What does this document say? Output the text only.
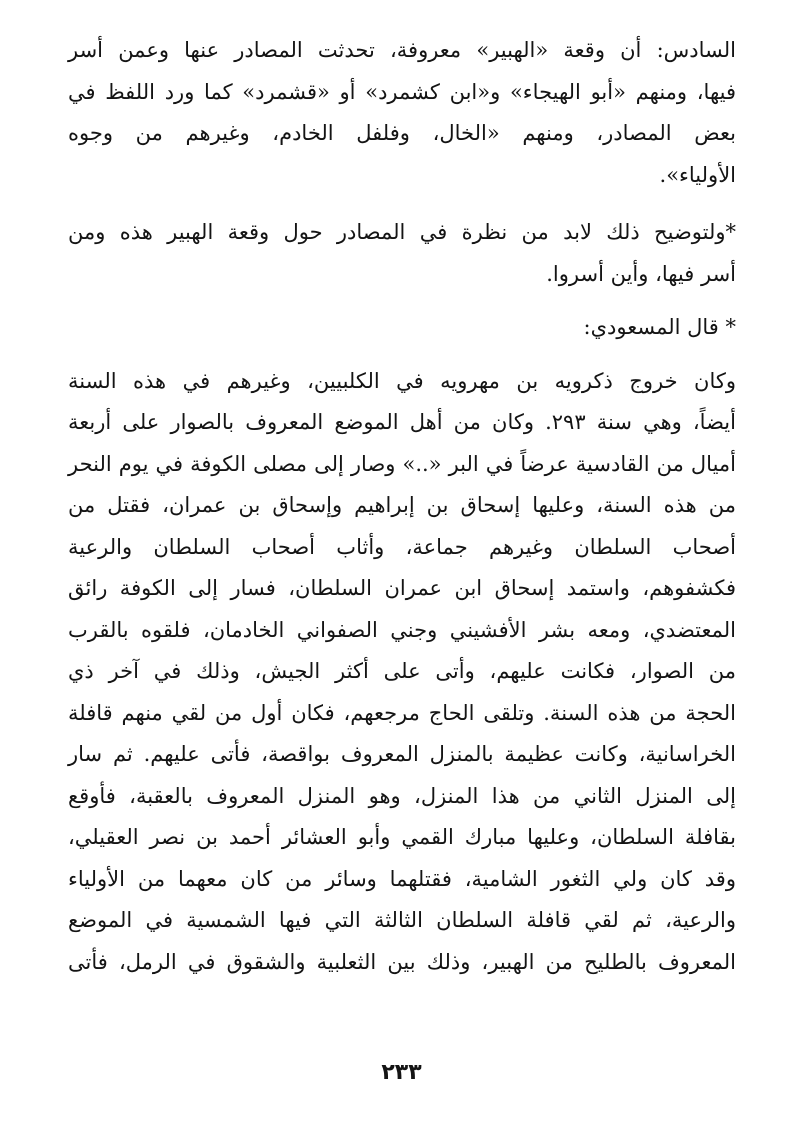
السادس: أن وقعة «الهبير» معروفة، تحدثت المصادر عنها وعمن أسر
فيها، ومنهم «أبو الهيجاء» و«ابن كشمرد» أو «قشمرد» كما ورد اللفظ في
بعض المصادر، ومنهم «الخال، وفلفل الخادم، وغيرهم من وجوه
الأولياء».
*ولتوضيح ذلك لابد من نظرة في المصادر حول وقعة الهبير هذه ومن
أسر فيها، وأين أسروا.
* قال المسعودي:
وكان خروج ذكرويه بن مهرويه في الكلبيين، وغيرهم في هذه السنة
أيضاً، وهي سنة ٢٩٣. وكان من أهل الموضع المعروف بالصوار على أربعة
أميال من القادسية عرضاً في البر «..» وصار إلى مصلى الكوفة في يوم النحر
من هذه السنة، وعليها إسحاق بن إبراهيم وإسحاق بن عمران، فقتل من
أصحاب السلطان وغيرهم جماعة، وأثاب أصحاب السلطان والرعية
فكشفوهم، واستمد إسحاق ابن عمران السلطان، فسار إلى الكوفة رائق
المعتضدي، ومعه بشر الأفشيني وجني الصفواني الخادمان، فلقوه بالقرب
من الصوار، فكانت عليهم، وأتى على أكثر الجيش، وذلك في آخر ذي
الحجة من هذه السنة. وتلقى الحاج مرجعهم، فكان أول من لقي منهم قافلة
الخراسانية، وكانت عظيمة بالمنزل المعروف بواقصة، فأتى عليهم. ثم سار
إلى المنزل الثاني من هذا المنزل، وهو المنزل المعروف بالعقبة، فأوقع
بقافلة السلطان، وعليها مبارك القمي وأبو العشائر أحمد بن نصر العقيلي،
وقد كان ولي الثغور الشامية، فقتلهما وسائر من كان معهما من الأولياء
والرعية، ثم لقي قافلة السلطان الثالثة التي فيها الشمسية في الموضع
المعروف بالطليح من الهبير، وذلك بين الثعلبية والشقوق في الرمل، فأتى
٢٣٣
